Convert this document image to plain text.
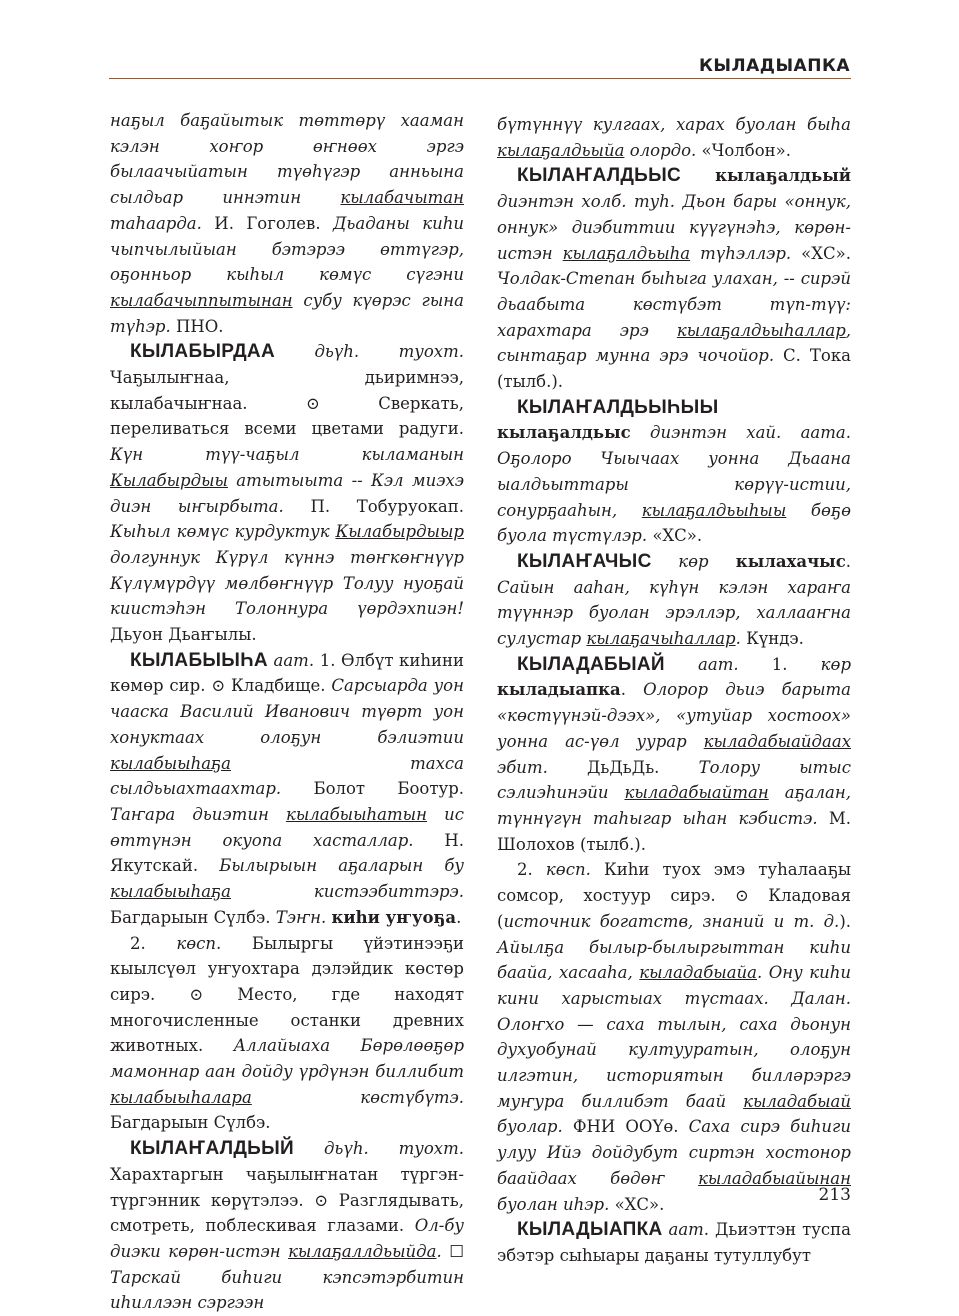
КЫЛАДЫАПКА

наҕыл баҕайытык төттөрү хааман кэлэн хоҥор өҥнөөх эргэ былаачыйатын түөһүгэр анньына сылдьар иннэтин кылабачытан таһаарда. И. Гоголев. Дьаданы киһи чыпчылыйыан бэтэрээ өттүгэр, оҕонньор кыһыл көмүс сүгэни кылабачыппытынан субу күөрэс гына түһэр. ПНО.

КЫЛАБЫРДАА дьүһ. туохт. Чаҕылыҥнаа, дьиримнээ, кылабачыҥнаа. ⊙ Сверкать, переливаться всеми цветами радуги. Күн түү-чаҕыл кыламанын Кылабырдыы атытыыта -- Кэл миэхэ диэн ыҥырбыта. П. Тобуруокап. Кыһыл көмүс курдуктук Кылабырдыыр долгуннук Күрүл күннэ төҥкөҥнүүр Күлүмүрдүү мөлбөҥнүүр Толуу нуоҕай киистэһэн Толоннура үөрдэхпиэн! Дьуон Дьаҥылы.

КЫЛАБЫЫҺА аат. 1. Өлбүт киһини көмөр сир. ⊙ Кладбище. Сарсыарда уон чааска Василий Иванович түөрт уон хонуктаах олоҕун бэлиэтии кылабыыһаҕа тахса сылдьыахтаахтар. Болот Боотур. Таҥара дьиэтин кылабыыһатын ис өттүнэн окуопа хасталлар. Н. Якутскай. Былырыын аҕаларын бу кылабыыһаҕа кистээбиттэрэ. Багдарыын Сүлбэ. Тэҥн. киһи уҥуоҕа.

2. көсп. Былыргы үйэтинээҕи кыылсүөл уҥуохтара дэлэйдик көстөр сирэ. ⊙ Место, где находят многочисленные останки древних животных. Аллайыаха Бөрөлөөҕөр мамоннар аан дойду үрдүнэн биллибит кылабыыһалара көстүбүтэ. Багдарыын Сүлбэ.

КЫЛАҤАЛДЬЫЙ дьүһ. туохт. Харахтаргын чаҕылыҥнатан түргэн-түргэнник көрүтэлээ. ⊙ Разглядывать, смотреть, поблескивая глазами. Ол-бу диэки көрөн-истэн кылаҕаллдьыйда. ☐ Тарскай биһиги кэпсэтэрбитин иһиллээн сэргээн

бүтүннүү кулгаах, харах буолан быһа кылаҕалдьыйа олордо. «Чолбон».

КЫЛАҤАЛДЬЫС кылаҕалдьый диэнтэн холб. туһ. Дьон бары «оннук, оннук» диэбиттии күүгүнэһэ, көрөн-истэн кылаҕалдьыһа түһэллэр. «ХС». Чолдак-Степан быһыга улахан, -- сирэй дьаабыта көстүбэт түп-түү: харахтара эрэ кылаҕалдьыһаллар, сынтаҕар мунна эрэ чочойор. С. Тока (тылб.).

КЫЛАҤАЛДЬЫҺЫЫ кылаҕалдьыс диэнтэн хай. аата. Оҕолоро Чыычаах уонна Дьаана ыалдьыттары көрүү-истии, сонурҕааһын, кылаҕалдьыһыы бөҕө буола түстүлэр. «ХС».

КЫЛАҤАЧЫС көр кылахачыс. Сайын ааһан, күһүн кэлэн хараҥа түүннэр буолан эрэллэр, халлааҥна сулустар кылаҕачыһаллар. Күндэ.

КЫЛАДАБЫАЙ аат. 1. көр кыладыапка. Олорор дьиэ барыта «көстүүнэй-дээх», «утуйар хостоох» уонна ас-үөл уурар кыладабыайдаах эбит. ДьДьДь. Толору ытыс сэлиэһинэйи кыладабыайтан аҕалан, түннүгүн таһыгар ыһан кэбистэ. М. Шолохов (тылб.).

2. көсп. Киһи туох эмэ туһалааҕы сомсор, хостуур сирэ. ⊙ Кладовая (источник богатств, знаний и т. д.). Айылҕа былыр-былыргыттан киһи баайа, хасааһа, кыладабыайа. Ону киһи кини харыстыах түстаах. Далан. Олоҥхо — саха тылын, саха дьонун духуобунай култууратын, олоҕун илгэтин, историятын билләрэргэ муҥура биллибэт баай кыладабыай буолар. ФНИ ООҮө. Саха сирэ биһиги улуу Ийэ дойдубут сиртэн хостонор баайдаах бөдөҥ кыладабыайынан буолан иһэр. «ХС».

КЫЛАДЫАПКА аат. Дьиэттэн туспа эбэтэр сыһыары даҕаны тутуллубут

213
